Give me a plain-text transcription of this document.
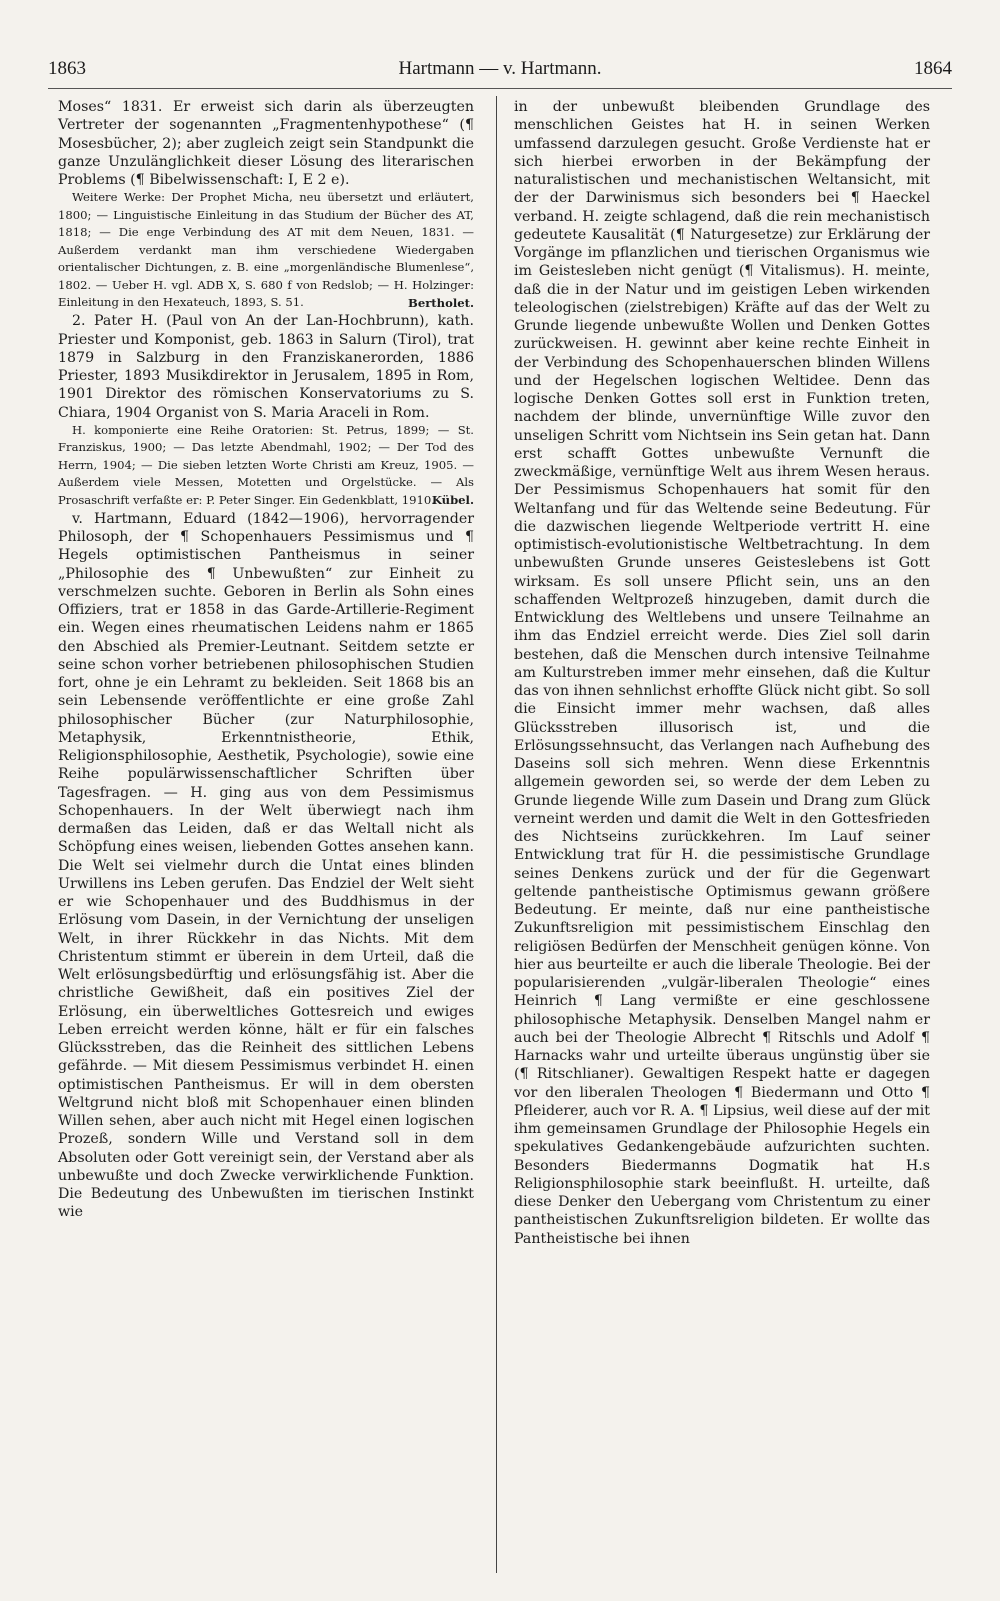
1863	Hartmann — v. Hartmann.	1864

Moses“ 1831. Er erweist sich darin als überzeugten Vertreter der sogenannten „Fragmentenhypothese“ (¶ Mosesbücher, 2); aber zugleich zeigt sein Standpunkt die ganze Unzulänglichkeit dieser Lösung des literarischen Problems (¶ Bibelwissenschaft: I, E 2 e).

Weitere Werke: Der Prophet Micha, neu übersetzt und erläutert, 1800; — Linguistische Einleitung in das Studium der Bücher des AT, 1818; — Die enge Verbindung des AT mit dem Neuen, 1831. — Außerdem verdankt man ihm verschiedene Wiedergaben orientalischer Dichtungen, z. B. eine „morgenländische Blumenlese“, 1802. — Ueber H. vgl. ADB X, S. 680 f von Redslob; — H. Holzinger: Einleitung in den Hexateuch, 1893, S. 51.	Bertholet.

2. Pater H. (Paul von An der Lan-Hochbrunn), kath. Priester und Komponist, geb. 1863 in Salurn (Tirol), trat 1879 in Salzburg in den Franziskanerorden, 1886 Priester, 1893 Musikdirektor in Jerusalem, 1895 in Rom, 1901 Direktor des römischen Konservatoriums zu S. Chiara, 1904 Organist von S. Maria Araceli in Rom.

H. komponierte eine Reihe Oratorien: St. Petrus, 1899; — St. Franziskus, 1900; — Das letzte Abendmahl, 1902; — Der Tod des Herrn, 1904; — Die sieben letzten Worte Christi am Kreuz, 1905. — Außerdem viele Messen, Motetten und Orgelstücke. — Als Prosaschrift verfaßte er: P. Peter Singer. Ein Gedenkblatt, 1910.

Kübel.

v. Hartmann, Eduard (1842—1906), hervorragender Philosoph, der ¶ Schopenhauers Pessimismus und ¶ Hegels optimistischen Pantheismus in seiner „Philosophie des ¶ Unbewußten“ zur Einheit zu verschmelzen suchte. Geboren in Berlin als Sohn eines Offiziers, trat er 1858 in das Garde-Artillerie-Regiment ein. Wegen eines rheumatischen Leidens nahm er 1865 den Abschied als Premier-Leutnant. Seitdem setzte er seine schon vorher betriebenen philosophischen Studien fort, ohne je ein Lehramt zu bekleiden. Seit 1868 bis an sein Lebensende veröffentlichte er eine große Zahl philosophischer Bücher (zur Naturphilosophie, Metaphysik, Erkenntnistheorie, Ethik, Religionsphilosophie, Aesthetik, Psychologie), sowie eine Reihe populärwissenschaftlicher Schriften über Tagesfragen. — H. ging aus von dem Pessimismus Schopenhauers. In der Welt überwiegt nach ihm dermaßen das Leiden, daß er das Weltall nicht als Schöpfung eines weisen, liebenden Gottes ansehen kann. Die Welt sei vielmehr durch die Untat eines blinden Urwillens ins Leben gerufen. Das Endziel der Welt sieht er wie Schopenhauer und des Buddhismus in der Erlösung vom Dasein, in der Vernichtung der unseligen Welt, in ihrer Rückkehr in das Nichts. Mit dem Christentum stimmt er überein in dem Urteil, daß die Welt erlösungsbedürftig und erlösungsfähig ist. Aber die christliche Gewißheit, daß ein positives Ziel der Erlösung, ein überweltliches Gottesreich und ewiges Leben erreicht werden könne, hält er für ein falsches Glücksstreben, das die Reinheit des sittlichen Lebens gefährde. — Mit diesem Pessimismus verbindet H. einen optimistischen Pantheismus. Er will in dem obersten Weltgrund nicht bloß mit Schopenhauer einen blinden Willen sehen, aber auch nicht mit Hegel einen logischen Prozeß, sondern Wille und Verstand soll in dem Absoluten oder Gott vereinigt sein, der Verstand aber als unbewußte und doch Zwecke verwirklichende Funktion. Die Bedeutung des Unbewußten im tierischen Instinkt wie

in der unbewußt bleibenden Grundlage des menschlichen Geistes hat H. in seinen Werken umfassend darzulegen gesucht. Große Verdienste hat er sich hierbei erworben in der Bekämpfung der naturalistischen und mechanistischen Weltansicht, mit der der Darwinismus sich besonders bei ¶ Haeckel verband. H. zeigte schlagend, daß die rein mechanistisch gedeutete Kausalität (¶ Naturgesetze) zur Erklärung der Vorgänge im pflanzlichen und tierischen Organismus wie im Geistesleben nicht genügt (¶ Vitalismus). H. meinte, daß die in der Natur und im geistigen Leben wirkenden teleologischen (zielstrebigen) Kräfte auf das der Welt zu Grunde liegende unbewußte Wollen und Denken Gottes zurückweisen. H. gewinnt aber keine rechte Einheit in der Verbindung des Schopenhauerschen blinden Willens und der Hegelschen logischen Weltidee. Denn das logische Denken Gottes soll erst in Funktion treten, nachdem der blinde, unvernünftige Wille zuvor den unseligen Schritt vom Nichtsein ins Sein getan hat. Dann erst schafft Gottes unbewußte Vernunft die zweckmäßige, vernünftige Welt aus ihrem Wesen heraus. Der Pessimismus Schopenhauers hat somit für den Weltanfang und für das Weltende seine Bedeutung. Für die dazwischen liegende Weltperiode vertritt H. eine optimistisch-evolutionistische Weltbetrachtung. In dem unbewußten Grunde unseres Geisteslebens ist Gott wirksam. Es soll unsere Pflicht sein, uns an den schaffenden Weltprozeß hinzugeben, damit durch die Entwicklung des Weltlebens und unsere Teilnahme an ihm das Endziel erreicht werde. Dies Ziel soll darin bestehen, daß die Menschen durch intensive Teilnahme am Kulturstreben immer mehr einsehen, daß die Kultur das von ihnen sehnlichst erhoffte Glück nicht gibt. So soll die Einsicht immer mehr wachsen, daß alles Glücksstreben illusorisch ist, und die Erlösungssehnsucht, das Verlangen nach Aufhebung des Daseins soll sich mehren. Wenn diese Erkenntnis allgemein geworden sei, so werde der dem Leben zu Grunde liegende Wille zum Dasein und Drang zum Glück verneint werden und damit die Welt in den Gottesfrieden des Nichtseins zurückkehren. Im Lauf seiner Entwicklung trat für H. die pessimistische Grundlage seines Denkens zurück und der für die Gegenwart geltende pantheistische Optimismus gewann größere Bedeutung. Er meinte, daß nur eine pantheistische Zukunftsreligion mit pessimistischem Einschlag den religiösen Bedürfen der Menschheit genügen könne. Von hier aus beurteilte er auch die liberale Theologie. Bei der popularisierenden „vulgär-liberalen Theologie“ eines Heinrich ¶ Lang vermißte er eine geschlossene philosophische Metaphysik. Denselben Mangel nahm er auch bei der Theologie Albrecht ¶ Ritschls und Adolf ¶ Harnacks wahr und urteilte überaus ungünstig über sie (¶ Ritschlianer). Gewaltigen Respekt hatte er dagegen vor den liberalen Theologen ¶ Biedermann und Otto ¶ Pfleiderer, auch vor R. A. ¶ Lipsius, weil diese auf der mit ihm gemeinsamen Grundlage der Philosophie Hegels ein spekulatives Gedankengebäude aufzurichten suchten. Besonders Biedermanns Dogmatik hat H.s Religionsphilosophie stark beeinflußt. H. urteilte, daß diese Denker den Uebergang vom Christentum zu einer pantheistischen Zukunftsreligion bildeten. Er wollte das Pantheistische bei ihnen
